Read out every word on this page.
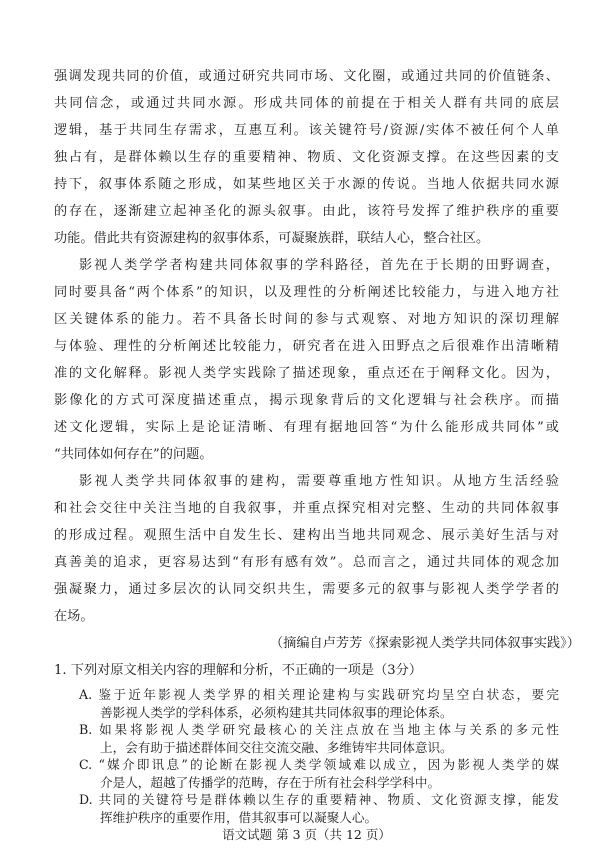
强调发现共同的价值，或通过研究共同市场、文化圈，或通过共同的价值链条、
共同信念，或通过共同水源。形成共同体的前提在于相关人群有共同的底层
逻辑，基于共同生存需求，互惠互利。该关键符号/资源/实体不被任何个人单
独占有，是群体赖以生存的重要精神、物质、文化资源支撑。在这些因素的支
持下，叙事体系随之形成，如某些地区关于水源的传说。当地人依据共同水源
的存在，逐渐建立起神圣化的源头叙事。由此，该符号发挥了维护秩序的重要
功能。借此共有资源建构的叙事体系，可凝聚族群，联结人心，整合社区。
影视人类学学者构建共同体叙事的学科路径，首先在于长期的田野调查，
同时要具备“两个体系”的知识，以及理性的分析阐述比较能力，与进入地方社
区关键体系的能力。若不具备长时间的参与式观察、对地方知识的深切理解
与体验、理性的分析阐述比较能力，研究者在进入田野点之后很难作出清晰精
准的文化解释。影视人类学实践除了描述现象，重点还在于阐释文化。因为，
影像化的方式可深度描述重点，揭示现象背后的文化逻辑与社会秩序。而描
述文化逻辑，实际上是论证清晰、有理有据地回答“为什么能形成共同体”或
“共同体如何存在”的问题。
影视人类学共同体叙事的建构，需要尊重地方性知识。从地方生活经验
和社会交往中关注当地的自我叙事，并重点探究相对完整、生动的共同体叙事
的形成过程。观照生活中自发生长、建构出当地共同观念、展示美好生活与对
真善美的追求，更容易达到“有形有感有效”。总而言之，通过共同体的观念加
强凝聚力，通过多层次的认同交织共生，需要多元的叙事与影视人类学学者的
在场。
（摘编自卢芳芳《探索影视人类学共同体叙事实践》）
1. 下列对原文相关内容的理解和分析，不正确的一项是（3分）
A. 鉴于近年影视人类学界的相关理论建构与实践研究均呈空白状态，要完
善影视人类学的学科体系，必须构建其共同体叙事的理论体系。
B. 如果将影视人类学研究最核心的关注点放在当地主体与关系的多元性
上，会有助于描述群体间交往交流交融、多维铸牢共同体意识。
C. “媒介即讯息”的论断在影视人类学领域难以成立，因为影视人类学的媒
介是人，超越了传播学的范畴，存在于所有社会科学学科中。
D. 共同的关键符号是群体赖以生存的重要精神、物质、文化资源支撑，能发
挥维护秩序的重要作用，借其叙事可以凝聚人心。
语文试题 第 3 页（共 12 页）
